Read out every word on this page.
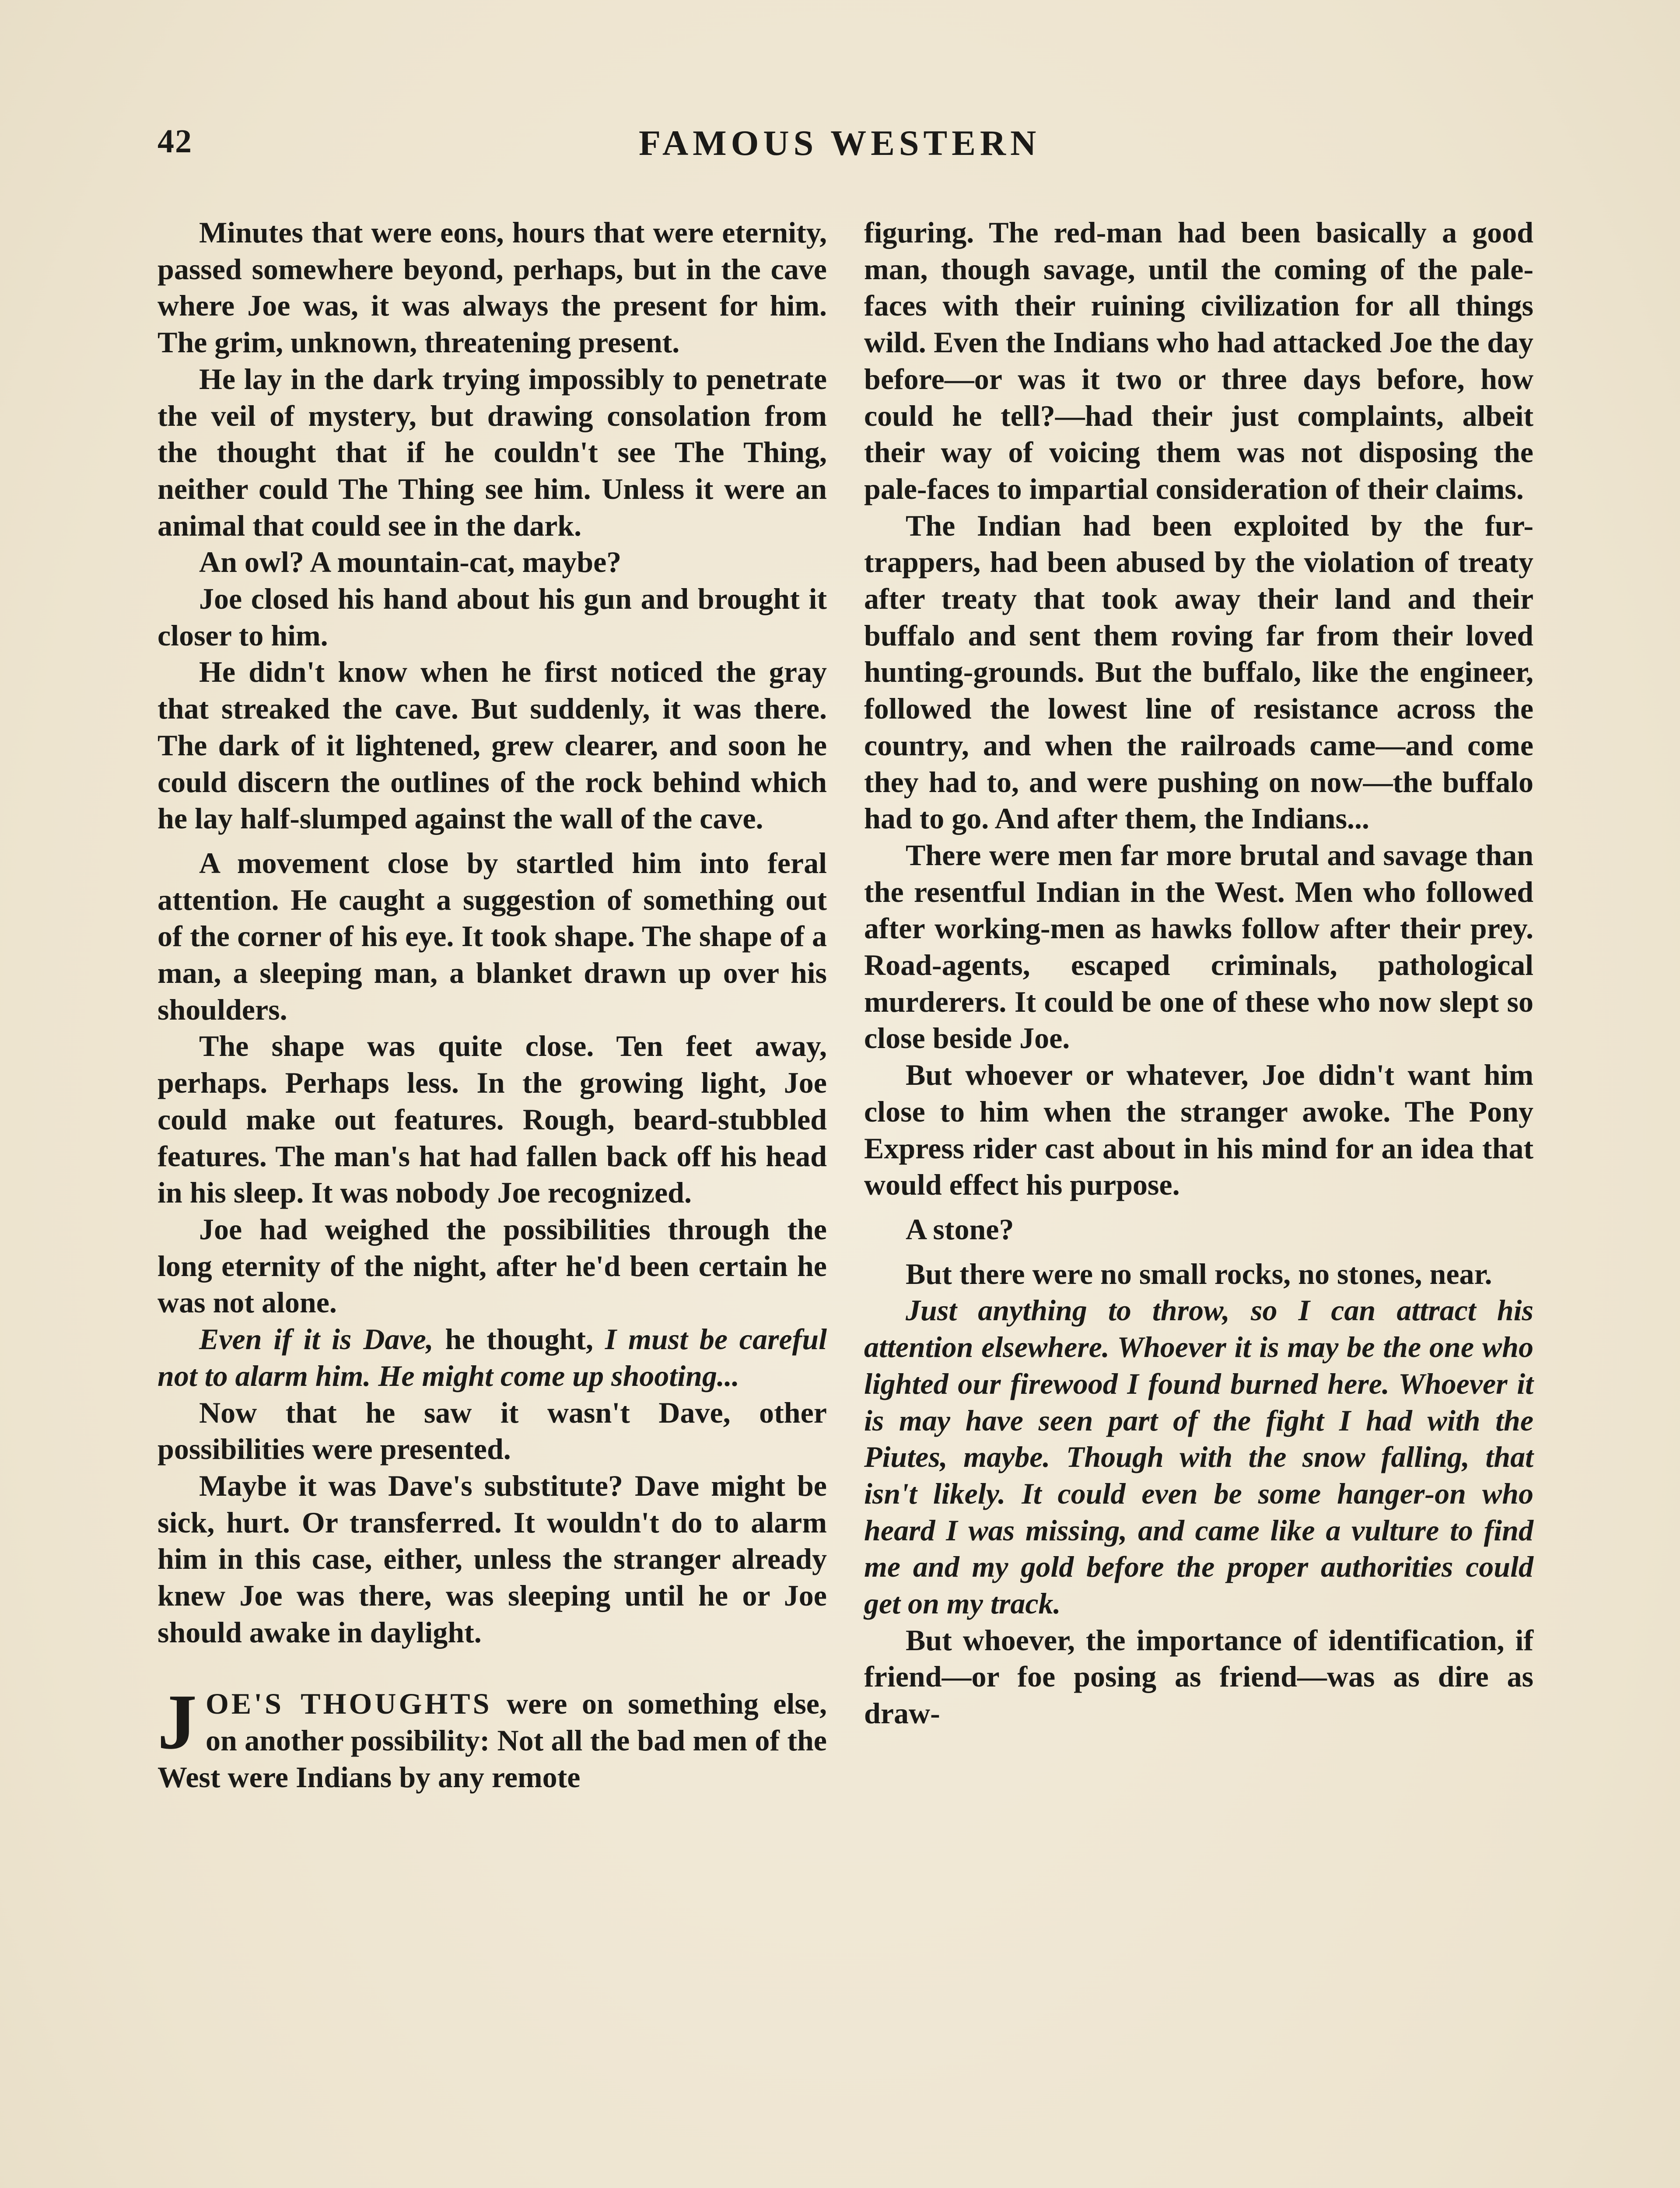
42	FAMOUS WESTERN

Minutes that were eons, hours that were eternity, passed somewhere beyond, perhaps, but in the cave where Joe was, it was always the present for him. The grim, unknown, threatening present.

He lay in the dark trying impossibly to penetrate the veil of mystery, but drawing consolation from the thought that if he couldn't see The Thing, neither could The Thing see him. Unless it were an animal that could see in the dark.

An owl? A mountain-cat, maybe?

Joe closed his hand about his gun and brought it closer to him.

He didn't know when he first noticed the gray that streaked the cave. But suddenly, it was there. The dark of it lightened, grew clearer, and soon he could discern the outlines of the rock behind which he lay half-slumped against the wall of the cave.

A movement close by startled him into feral attention. He caught a suggestion of something out of the corner of his eye. It took shape. The shape of a man, a sleeping man, a blanket drawn up over his shoulders.

The shape was quite close. Ten feet away, perhaps. Perhaps less. In the growing light, Joe could make out features. Rough, beard-stubbled features. The man's hat had fallen back off his head in his sleep. It was nobody Joe recognized.

Joe had weighed the possibilities through the long eternity of the night, after he'd been certain he was not alone.

Even if it is Dave, he thought, I must be careful not to alarm him. He might come up shooting...

Now that he saw it wasn't Dave, other possibilities were presented.

Maybe it was Dave's substitute? Dave might be sick, hurt. Or transferred. It wouldn't do to alarm him in this case, either, unless the stranger already knew Joe was there, was sleeping until he or Joe should awake in daylight.

JOE'S THOUGHTS were on something else, on another possibility: Not all the bad men of the West were Indians by any remote

figuring. The red-man had been basically a good man, though savage, until the coming of the pale-faces with their ruining civilization for all things wild. Even the Indians who had attacked Joe the day before—or was it two or three days before, how could he tell?—had their just complaints, albeit their way of voicing them was not disposing the pale-faces to impartial consideration of their claims.

The Indian had been exploited by the fur-trappers, had been abused by the violation of treaty after treaty that took away their land and their buffalo and sent them roving far from their loved hunting-grounds. But the buffalo, like the engineer, followed the lowest line of resistance across the country, and when the railroads came—and come they had to, and were pushing on now—the buffalo had to go. And after them, the Indians...

There were men far more brutal and savage than the resentful Indian in the West. Men who followed after working-men as hawks follow after their prey. Road-agents, escaped criminals, pathological murderers. It could be one of these who now slept so close beside Joe.

But whoever or whatever, Joe didn't want him close to him when the stranger awoke. The Pony Express rider cast about in his mind for an idea that would effect his purpose.

A stone?

But there were no small rocks, no stones, near.

Just anything to throw, so I can attract his attention elsewhere. Whoever it is may be the one who lighted our firewood I found burned here. Whoever it is may have seen part of the fight I had with the Piutes, maybe. Though with the snow falling, that isn't likely. It could even be some hanger-on who heard I was missing, and came like a vulture to find me and my gold before the proper authorities could get on my track.

But whoever, the importance of identification, if friend—or foe posing as friend—was as dire as draw-
